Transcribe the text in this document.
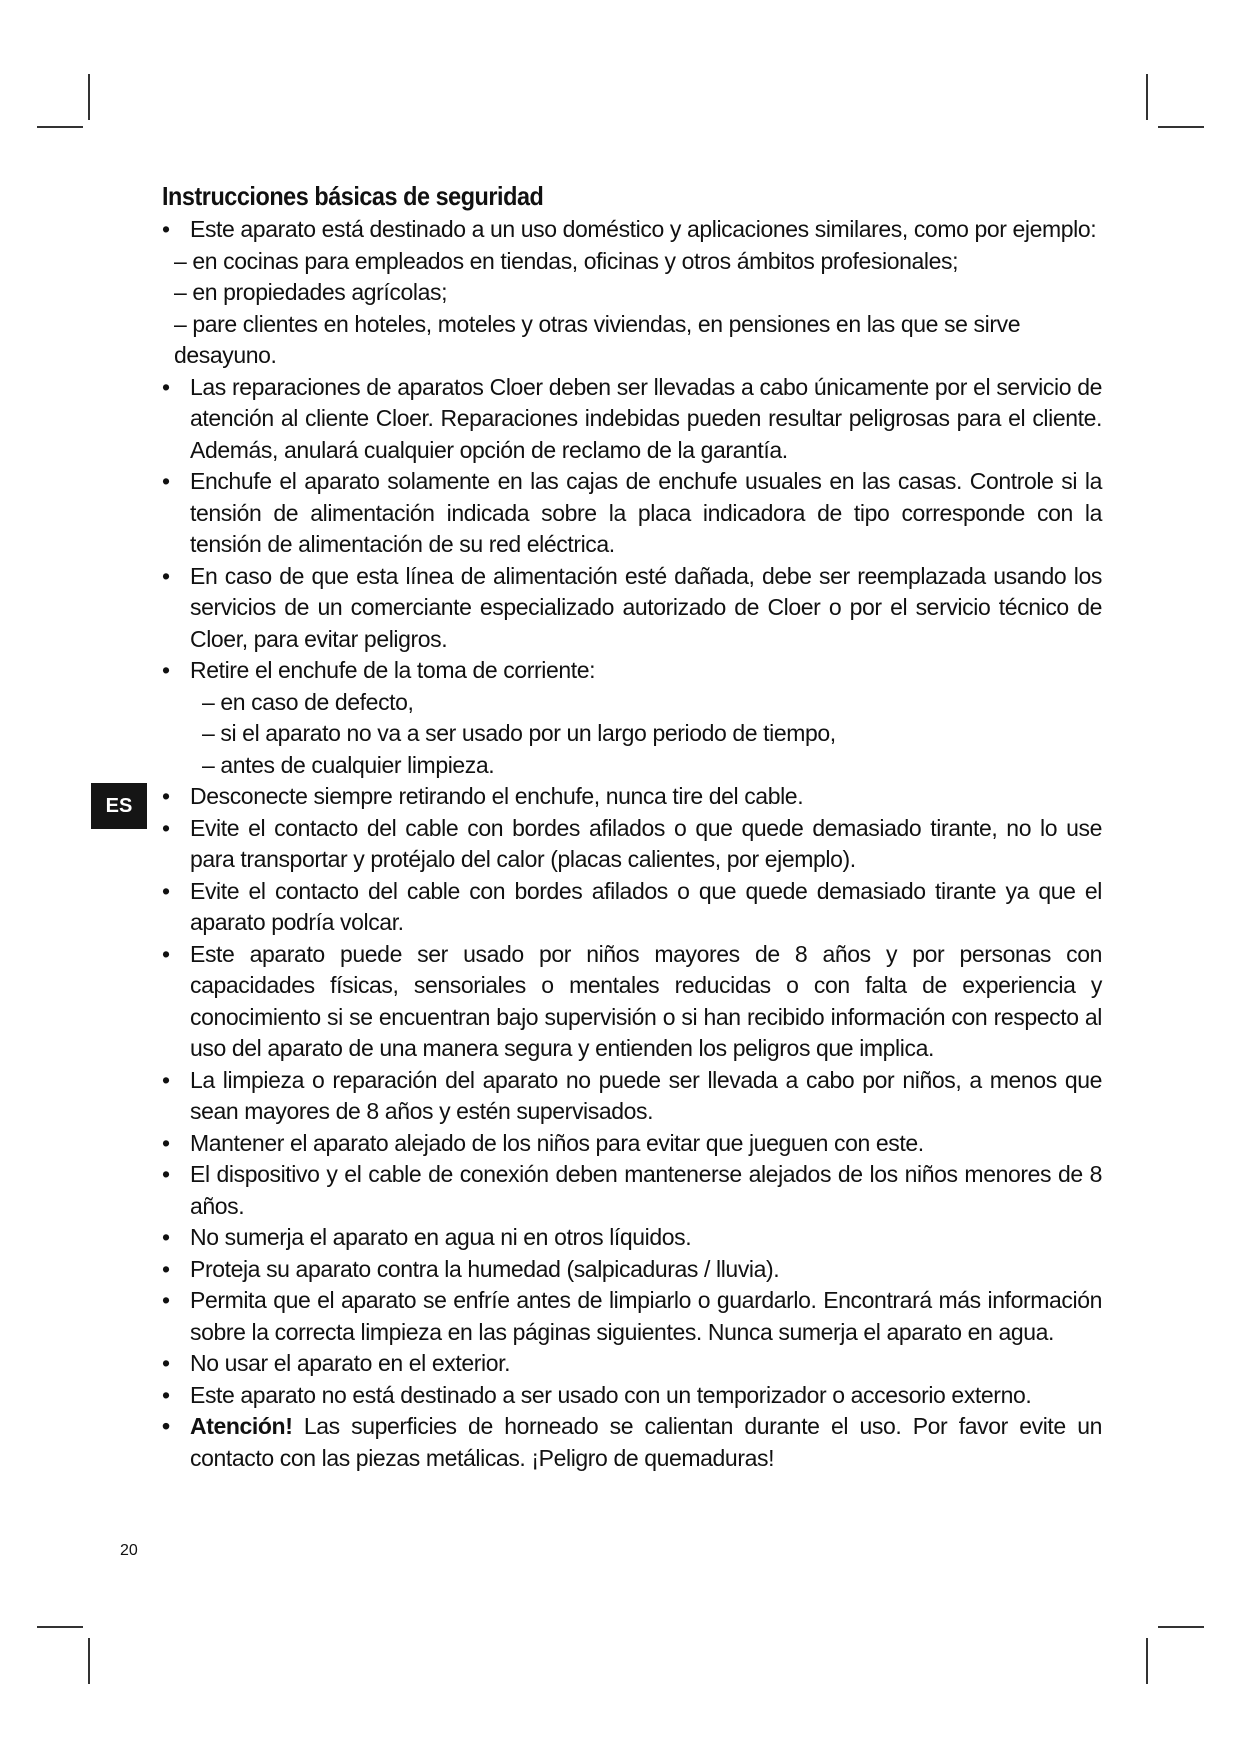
Instrucciones básicas de seguridad
• Este aparato está destinado a un uso doméstico y aplicaciones similares, como por ejemplo:
– en cocinas para empleados en tiendas, oficinas y otros ámbitos profesionales;
– en propiedades agrícolas;
– pare clientes en hoteles, moteles y otras viviendas, en pensiones en las que se sirve desayuno.
• Las reparaciones de aparatos Cloer deben ser llevadas a cabo únicamente por el servicio de atención al cliente Cloer. Reparaciones indebidas pueden resultar peligrosas para el cliente. Además, anulará cualquier opción de reclamo de la garantía.
• Enchufe el aparato solamente en las cajas de enchufe usuales en las casas. Controle si la tensión de alimentación indicada sobre la placa indicadora de tipo corresponde con la tensión de alimentación de su red eléctrica.
• En caso de que esta línea de alimentación esté dañada, debe ser reemplazada usando los servicios de un comerciante especializado autorizado de Cloer o por el servicio técnico de Cloer, para evitar peligros.
• Retire el enchufe de la toma de corriente:
– en caso de defecto,
– si el aparato no va a ser usado por un largo periodo de tiempo,
– antes de cualquier limpieza.
• Desconecte siempre retirando el enchufe, nunca tire del cable.
• Evite el contacto del cable con bordes afilados o que quede demasiado tirante, no lo use para transportar y protéjalo del calor (placas calientes, por ejemplo).
• Evite el contacto del cable con bordes afilados o que quede demasiado tirante ya que el aparato podría volcar.
• Este aparato puede ser usado por niños mayores de 8 años y por personas con capacidades físicas, sensoriales o mentales reducidas o con falta de experiencia y conocimiento si se encuentran bajo supervisión o si han recibido información con respecto al uso del aparato de una manera segura y entienden los peligros que implica.
• La limpieza o reparación del aparato no puede ser llevada a cabo por niños, a menos que sean mayores de 8 años y estén supervisados.
• Mantener el aparato alejado de los niños para evitar que jueguen con este.
• El dispositivo y el cable de conexión deben mantenerse alejados de los niños menores de 8 años.
• No sumerja el aparato en agua ni en otros líquidos.
• Proteja su aparato contra la humedad (salpicaduras / lluvia).
• Permita que el aparato se enfríe antes de limpiarlo o guardarlo. Encontrará más información sobre la correcta limpieza en las páginas siguientes. Nunca sumerja el aparato en agua.
• No usar el aparato en el exterior.
• Este aparato no está destinado a ser usado con un temporizador o accesorio externo.
• Atención! Las superficies de horneado se calientan durante el uso. Por favor evite un contacto con las piezas metálicas. ¡Peligro de quemaduras!
ES
20
